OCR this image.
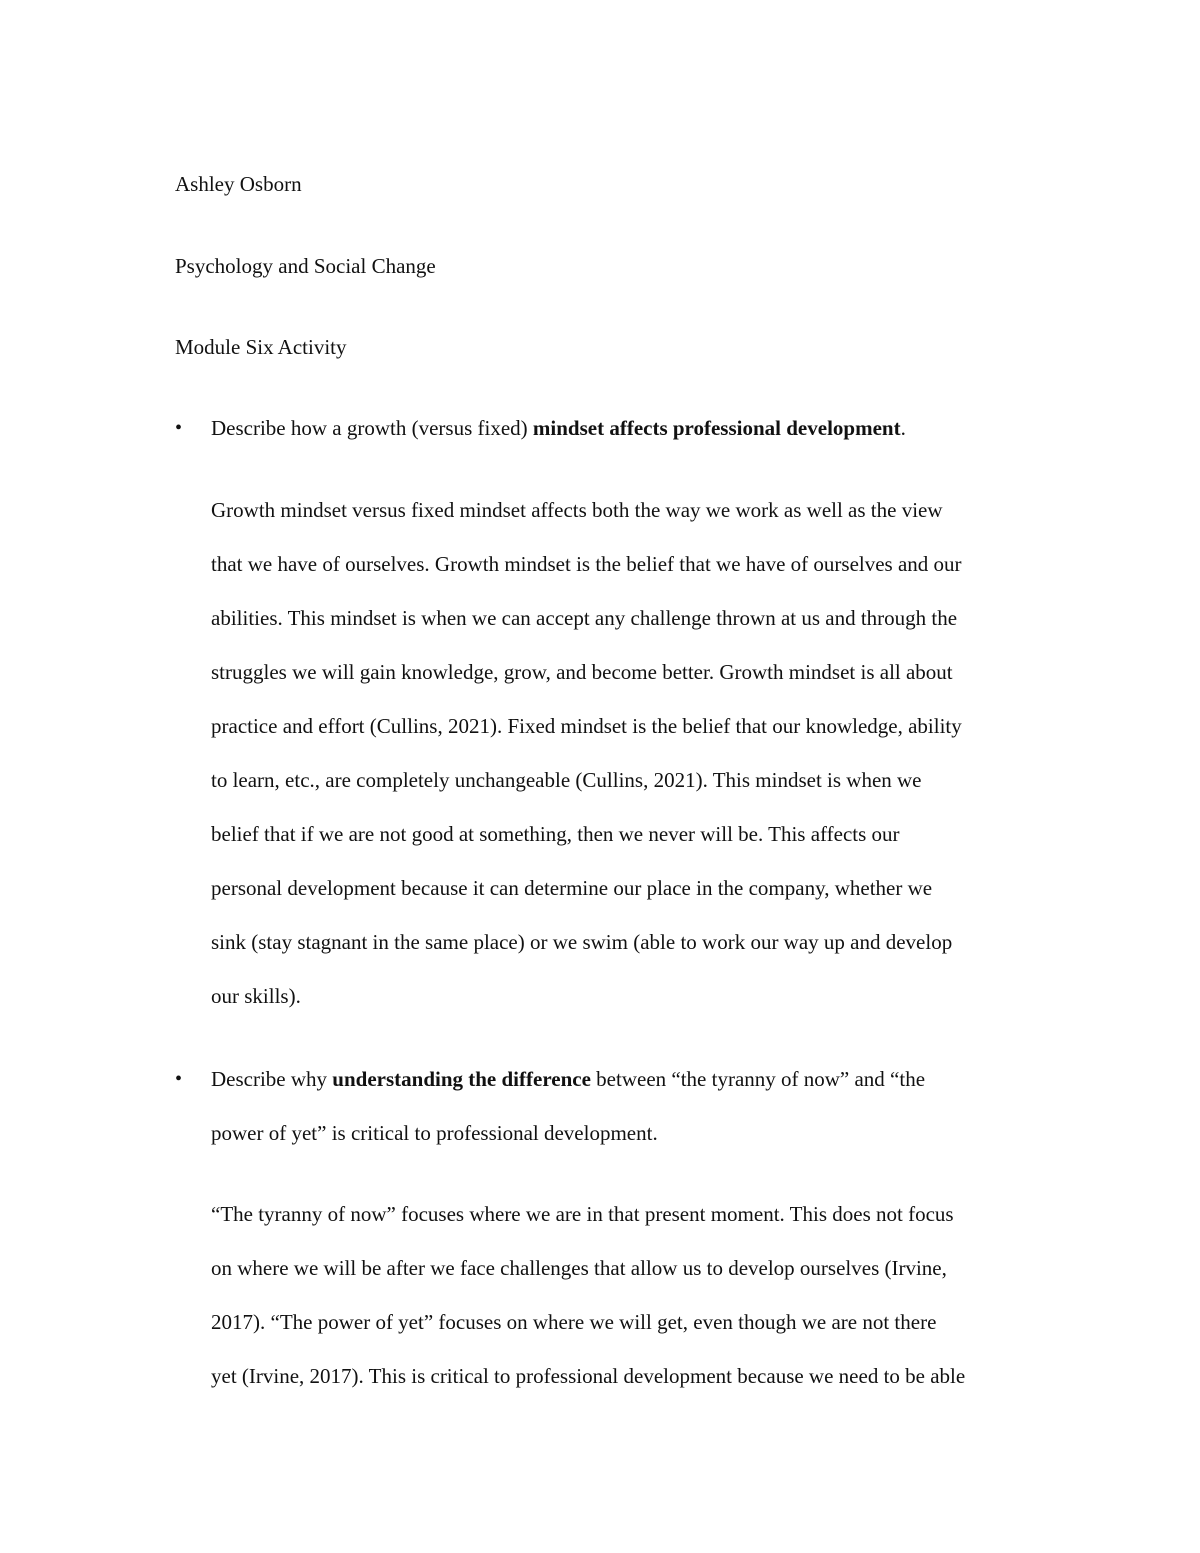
Ashley Osborn
Psychology and Social Change
Module Six Activity
• Describe how a growth (versus fixed) mindset affects professional development.
Growth mindset versus fixed mindset affects both the way we work as well as the view
that we have of ourselves. Growth mindset is the belief that we have of ourselves and our
abilities. This mindset is when we can accept any challenge thrown at us and through the
struggles we will gain knowledge, grow, and become better. Growth mindset is all about
practice and effort (Cullins, 2021). Fixed mindset is the belief that our knowledge, ability
to learn, etc., are completely unchangeable (Cullins, 2021). This mindset is when we
belief that if we are not good at something, then we never will be. This affects our
personal development because it can determine our place in the company, whether we
sink (stay stagnant in the same place) or we swim (able to work our way up and develop
our skills).
• Describe why understanding the difference between “the tyranny of now” and “the
power of yet” is critical to professional development.
“The tyranny of now” focuses where we are in that present moment. This does not focus
on where we will be after we face challenges that allow us to develop ourselves (Irvine,
2017). “The power of yet” focuses on where we will get, even though we are not there
yet (Irvine, 2017). This is critical to professional development because we need to be able
